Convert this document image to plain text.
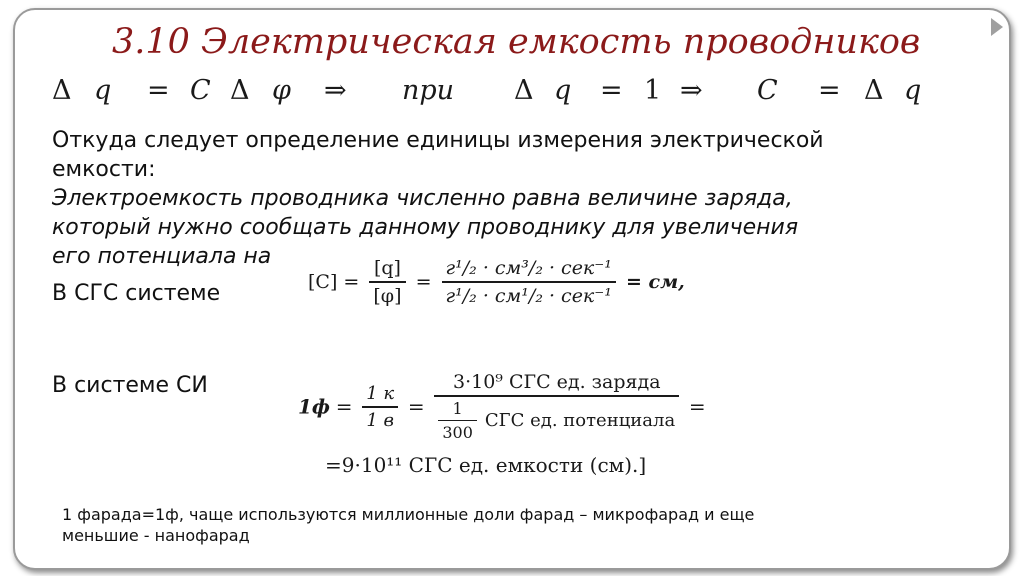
3.10 Электрическая емкость проводников
Δ q = C Δ φ ⇒ при Δ q = 1 ⇒ C = Δ q
Откуда следует определение единицы измерения электрической
емкости:
Электроемкость проводника численно равна величине заряда,
который нужно сообщать данному проводнику для увеличения
его потенциала на
В СГС системе
В системе СИ
$[C] = \frac{[q]}{[\varphi]} = \frac{\text{г¹/₂ · см³/₂ · сек⁻¹}}{\text{г¹/₂ · см¹/₂ · сек⁻¹}}$ = см,
$1ф = \frac{1 к}{1 в} = \frac{\text{3·10⁹ СГС ед. заряда}}{\frac{1}{300} СГС ед. потенциала}$ =
=9·10¹¹ СГС ед. емкости (см).]
1 фарада=1ф, чаще используются миллионные доли фарад – микрофарад и еще
меньшие - нанофарад
